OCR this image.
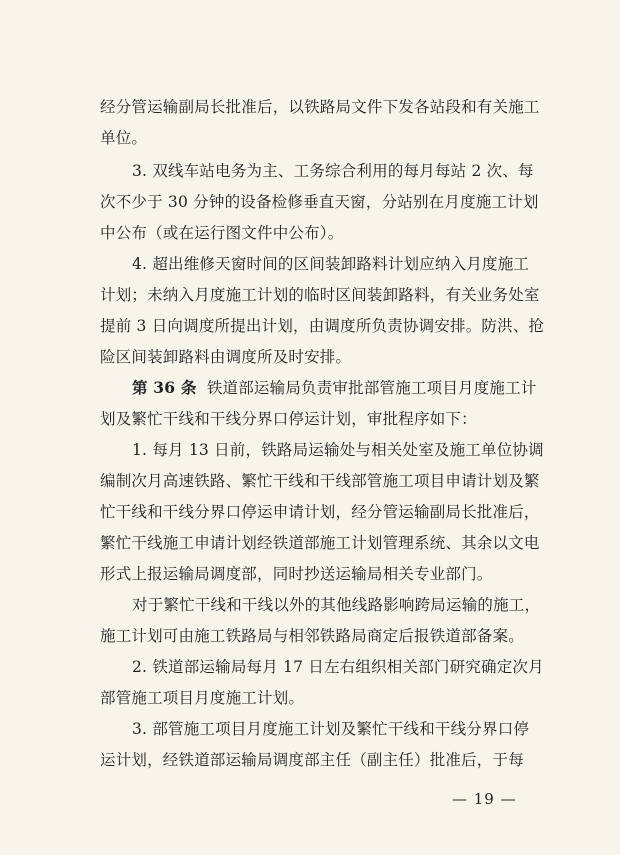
经分管运输副局长批准后，以铁路局文件下发各站段和有关施工
单位。
3. 双线车站电务为主、工务综合利用的每月每站 2 次、每
次不少于 30 分钟的设备检修垂直天窗，分站别在月度施工计划
中公布（或在运行图文件中公布）。
4. 超出维修天窗时间的区间装卸路料计划应纳入月度施工
计划；未纳入月度施工计划的临时区间装卸路料，有关业务处室
提前 3 日向调度所提出计划，由调度所负责协调安排。防洪、抢
险区间装卸路料由调度所及时安排。
第 36 条 铁道部运输局负责审批部管施工项目月度施工计
划及繁忙干线和干线分界口停运计划，审批程序如下：
1. 每月 13 日前，铁路局运输处与相关处室及施工单位协调
编制次月高速铁路、繁忙干线和干线部管施工项目申请计划及繁
忙干线和干线分界口停运申请计划，经分管运输副局长批准后，
繁忙干线施工申请计划经铁道部施工计划管理系统、其余以文电
形式上报运输局调度部，同时抄送运输局相关专业部门。
对于繁忙干线和干线以外的其他线路影响跨局运输的施工，
施工计划可由施工铁路局与相邻铁路局商定后报铁道部备案。
2. 铁道部运输局每月 17 日左右组织相关部门研究确定次月
部管施工项目月度施工计划。
3. 部管施工项目月度施工计划及繁忙干线和干线分界口停
运计划，经铁道部运输局调度部主任（副主任）批准后，于每
— 19 —
